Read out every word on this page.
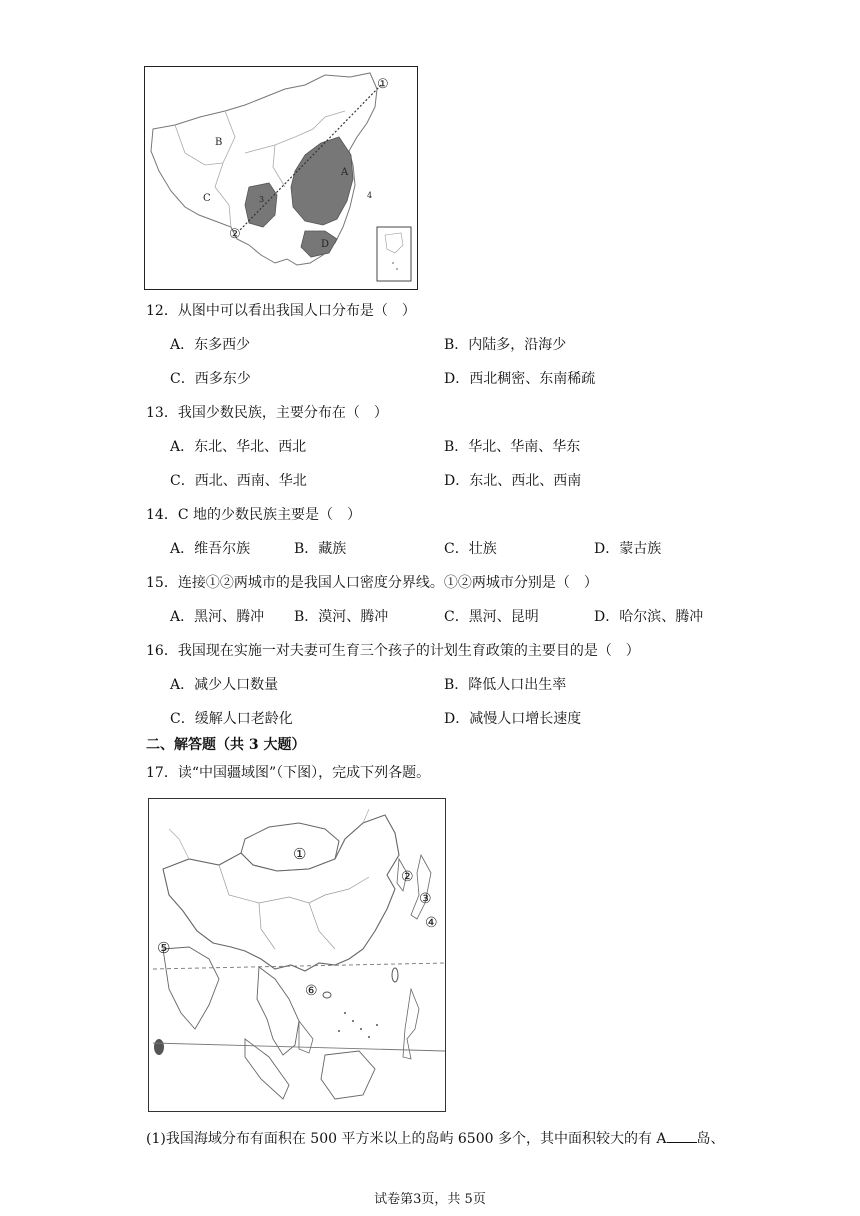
B
C
A
D
3	4
①
②
12．从图中可以看出我国人口分布是（　）
A．东多西少	B．内陆多，沿海少
C．西多东少	D．西北稠密、东南稀疏
13．我国少数民族，主要分布在（　）
A．东北、华北、西北	B．华北、华南、华东
C．西北、西南、华北	D．东北、西北、西南
14．C 地的少数民族主要是（　）
A．维吾尔族	B．藏族	C．壮族	D．蒙古族
15．连接①②两城市的是我国人口密度分界线。①②两城市分别是（　）
A．黑河、腾冲 B．漠河、腾冲	C．黑河、昆明	D．哈尔滨、腾冲
16．我国现在实施一对夫妻可生育三个孩子的计划生育政策的主要目的是（　）
A．减少人口数量	B．降低人口出生率
C．缓解人口老龄化	D．减慢人口增长速度
二、解答题（共 3 大题）
17．读“中国疆域图”（下图），完成下列各题。
①
②
③
④
⑤
⑥
(1)我国海域分布有面积在 500 平方米以上的岛屿 6500 多个，其中面积较大的有 A 岛、
试卷第3页，共 5页
